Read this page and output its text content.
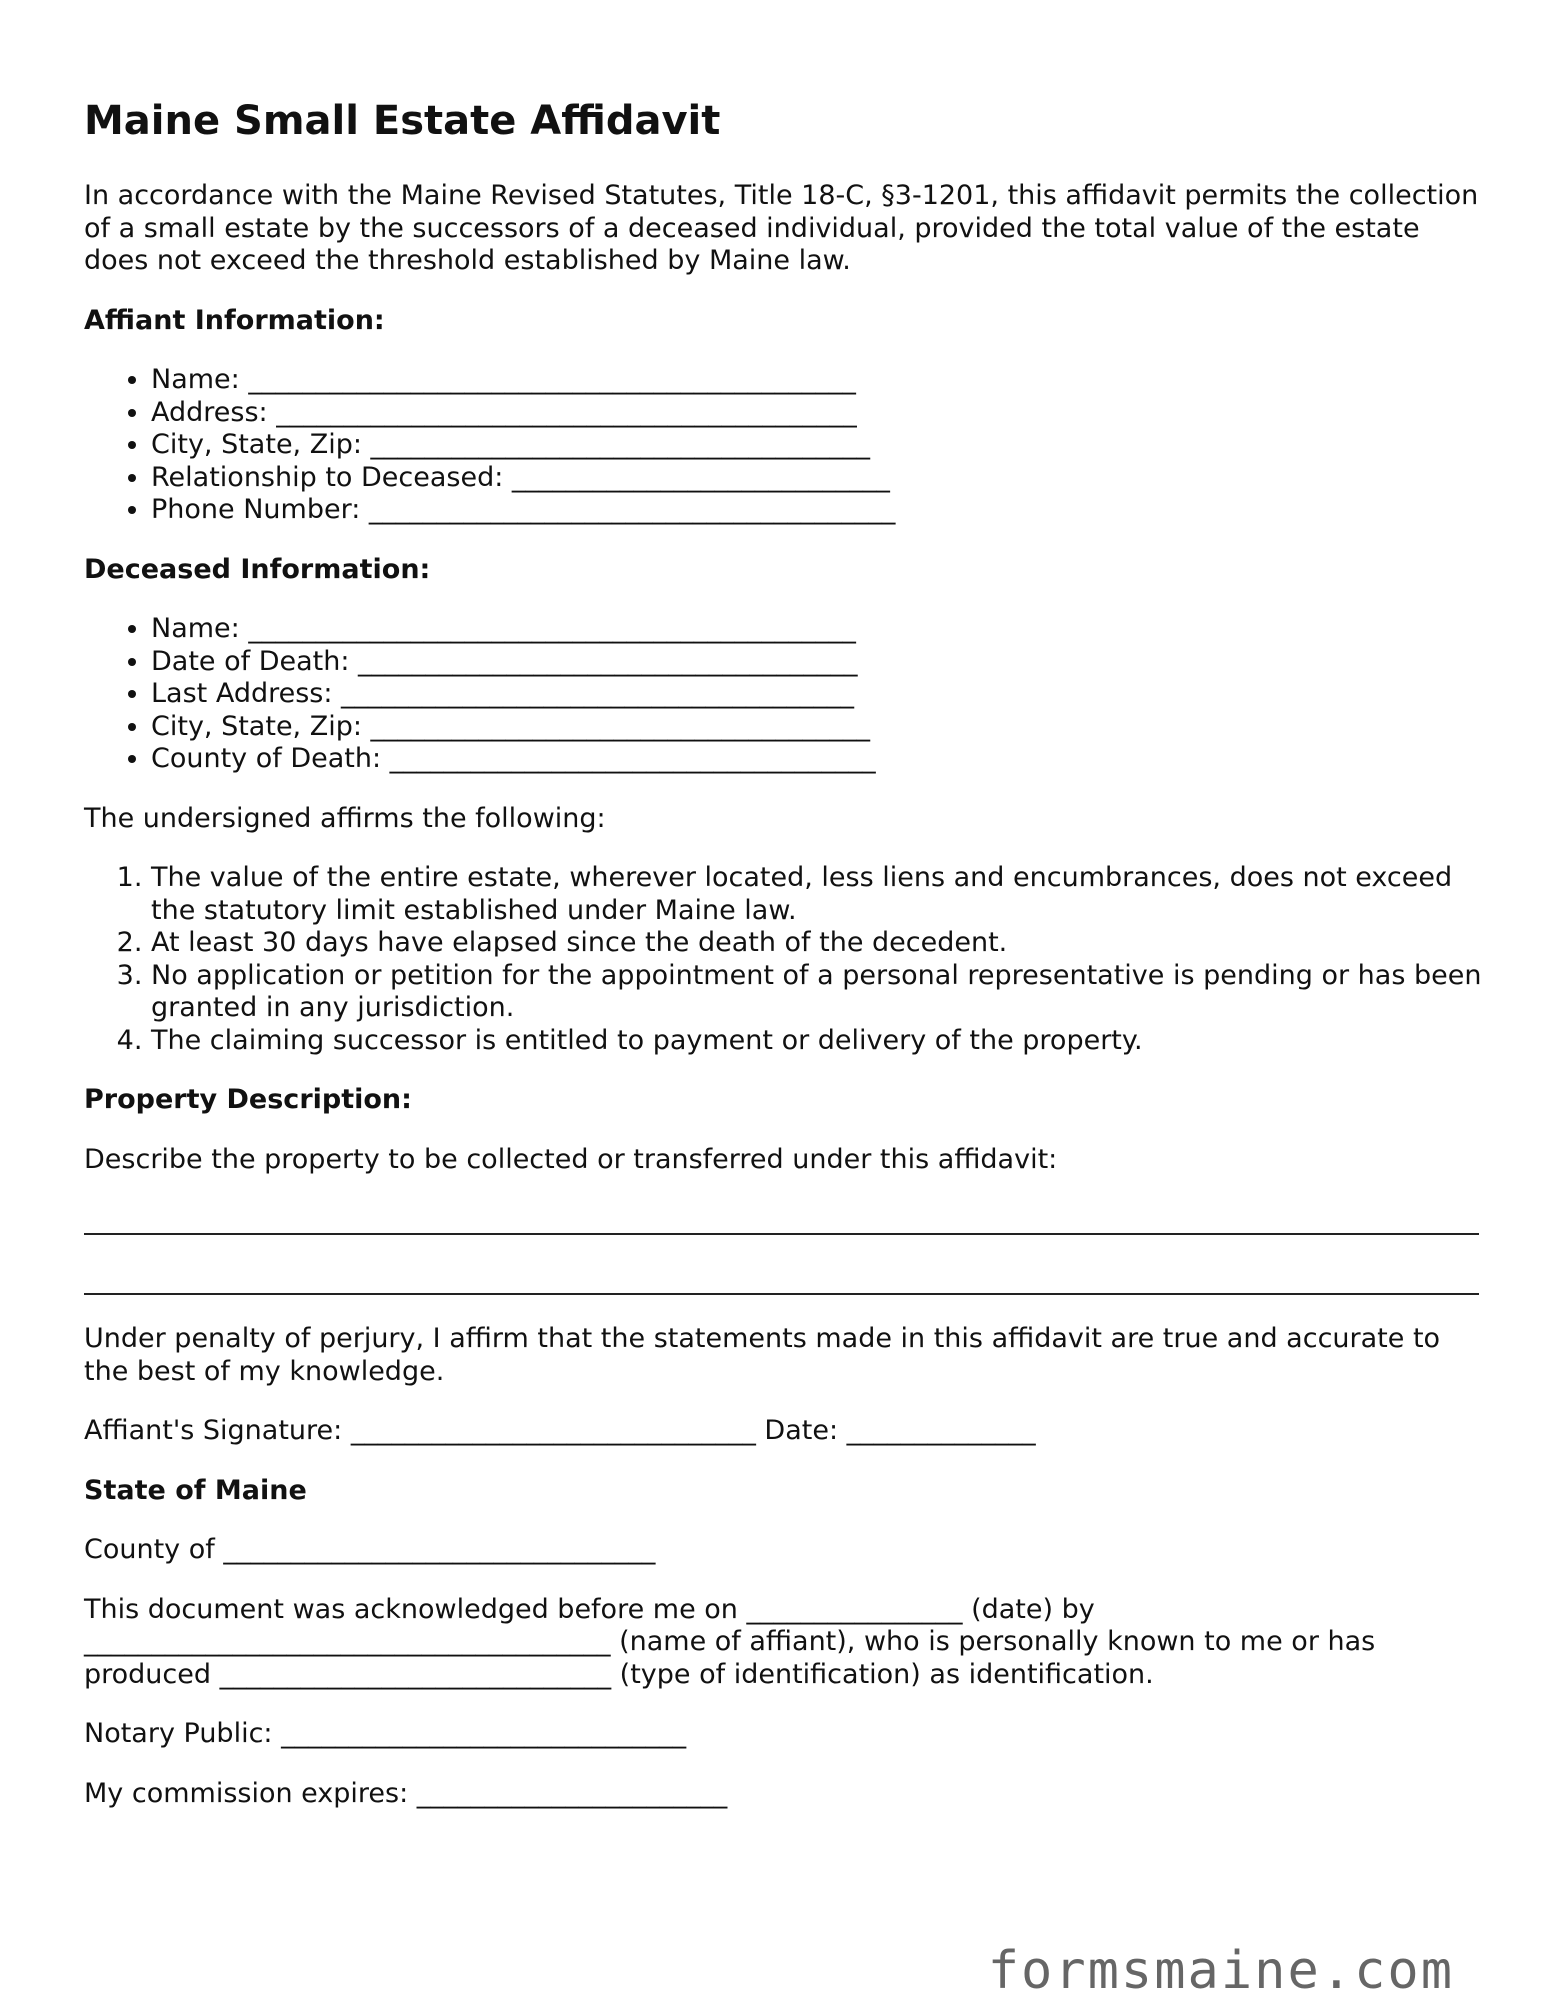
Maine Small Estate Affidavit

In accordance with the Maine Revised Statutes, Title 18-C, §3-1201, this affidavit permits the collection of a small estate by the successors of a deceased individual, provided the total value of the estate does not exceed the threshold established by Maine law.

Affiant Information:
• Name: _____________________________________________
• Address: ___________________________________________
• City, State, Zip: _____________________________________
• Relationship to Deceased: ____________________________
• Phone Number: _______________________________________
Deceased Information:
• Name: _____________________________________________
• Date of Death: _____________________________________
• Last Address: ______________________________________
• City, State, Zip: _____________________________________
• County of Death: ____________________________________

The undersigned affirms the following:

1. The value of the entire estate, wherever located, less liens and encumbrances, does not exceed the statutory limit established under Maine law.
2. At least 30 days have elapsed since the death of the decedent.
3. No application or petition for the appointment of a personal representative is pending or has been granted in any jurisdiction.
4. The claiming successor is entitled to payment or delivery of the property.
Property Description:

Describe the property to be collected or transferred under this affidavit:

Under penalty of perjury, I affirm that the statements made in this affidavit are true and accurate to the best of my knowledge.

Affiant's Signature: ______________________________ Date: ______________

State of Maine

County of ________________________________

This document was acknowledged before me on ________________ (date) by _______________________________________ (name of affiant), who is personally known to me or has produced _____________________________ (type of identification) as identification.

Notary Public: ______________________________

My commission expires: _______________________

formsmaine.com
